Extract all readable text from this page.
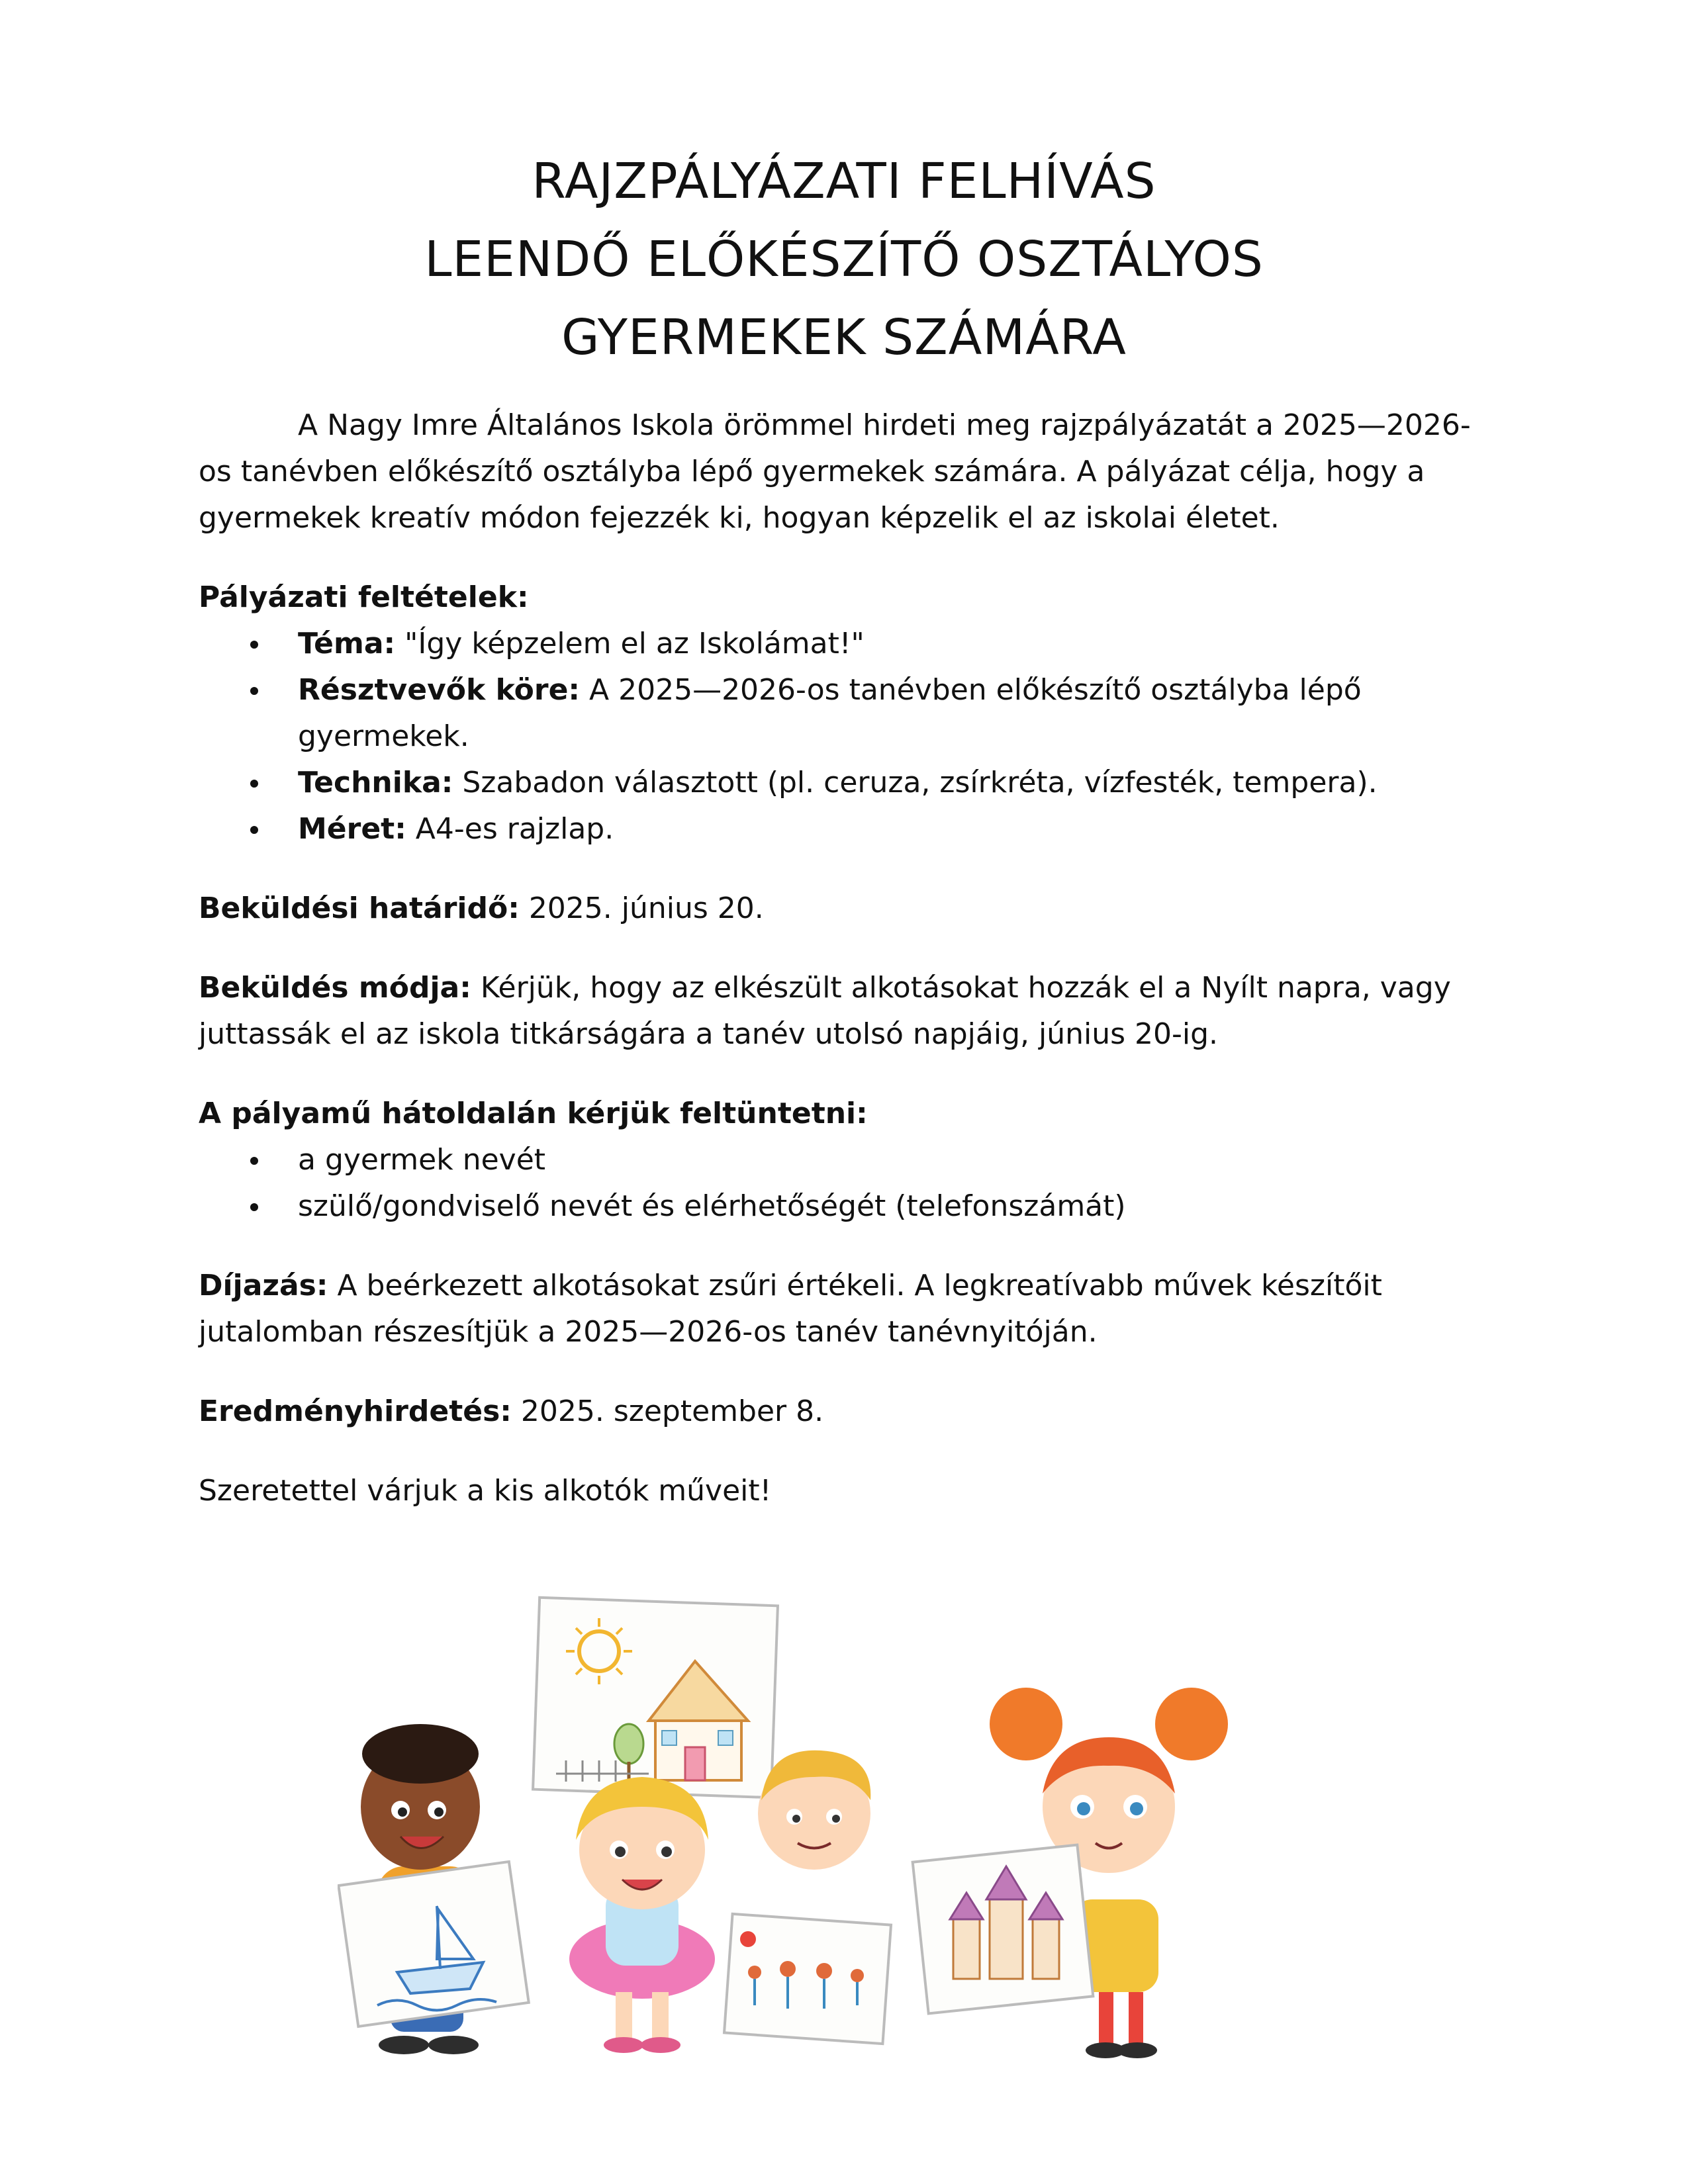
RAJZPÁLYÁZATI FELHÍVÁS
LEENDŐ ELŐKÉSZÍTŐ OSZTÁLYOS
GYERMEKEK SZÁMÁRA

A Nagy Imre Általános Iskola örömmel hirdeti meg rajzpályázatát a 2025—2026-os tanévben előkészítő osztályba lépő gyermekek számára. A pályázat célja, hogy a gyermekek kreatív módon fejezzék ki, hogyan képzelik el az iskolai életet.

Pályázati feltételek:

Téma: "Így képzelem el az Iskolámat!"
Résztvevők köre: A 2025—2026-os tanévben előkészítő osztályba lépő gyermekek.
Technika: Szabadon választott (pl. ceruza, zsírkréta, vízfesték, tempera).
Méret: A4-es rajzlap.

Beküldési határidő: 2025. június 20.

Beküldés módja: Kérjük, hogy az elkészült alkotásokat hozzák el a Nyílt napra, vagy juttassák el az iskola titkárságára a tanév utolsó napjáig, június 20-ig.

A pályamű hátoldalán kérjük feltüntetni:

a gyermek nevét
szülő/gondviselő nevét és elérhetőségét (telefonszámát)

Díjazás: A beérkezett alkotásokat zsűri értékeli. A legkreatívabb művek készítőit jutalomban részesítjük a 2025—2026-os tanév tanévnyitóján.

Eredményhirdetés: 2025. szeptember 8.

Szeretettel várjuk a kis alkotók műveit!
